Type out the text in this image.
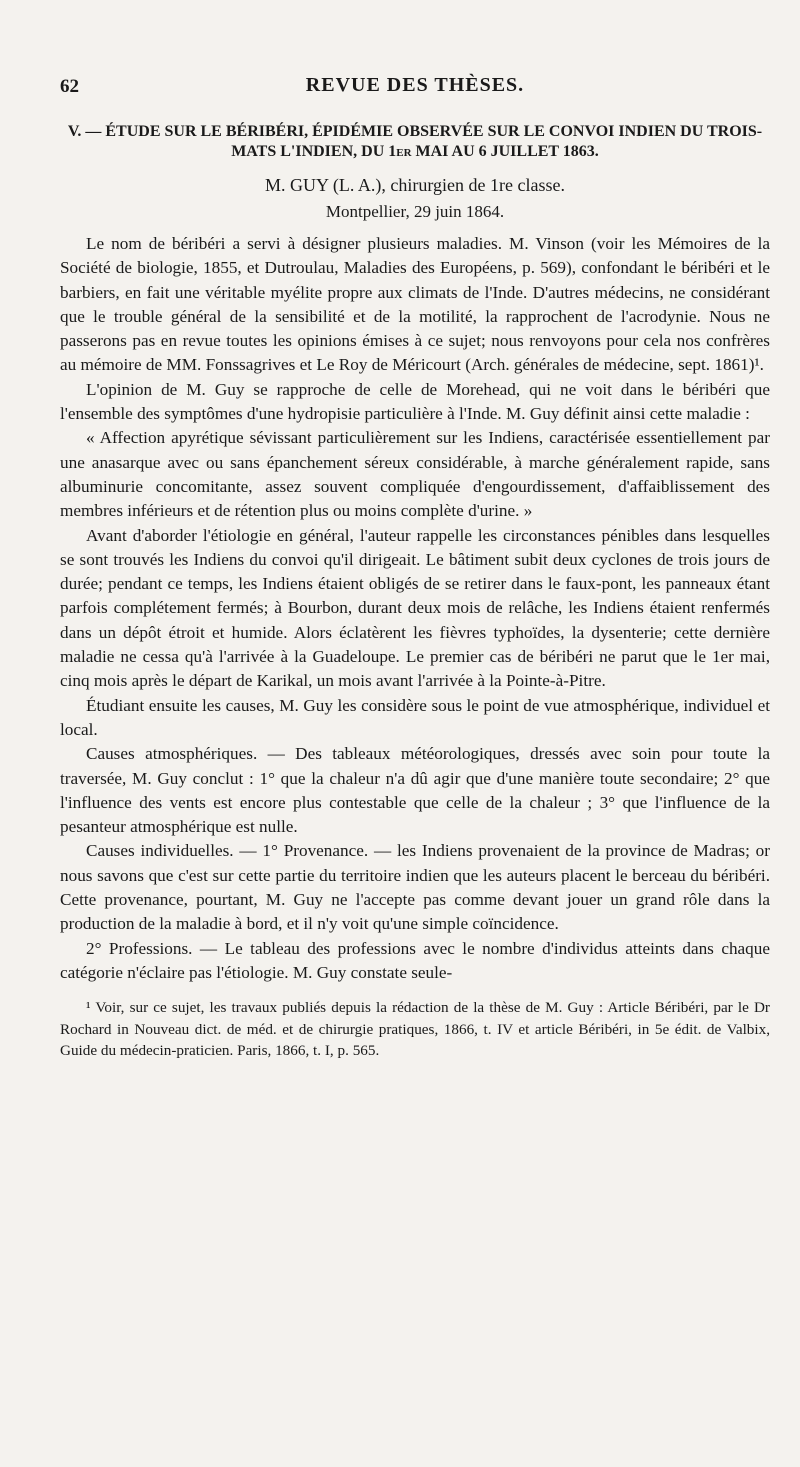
62	REVUE DES THÈSES.
V. — ÉTUDE SUR LE BÉRIBÉRI, ÉPIDÉMIE OBSERVÉE SUR LE CONVOI INDIEN DU TROIS-MATS L'INDIEN, DU 1er MAI AU 6 JUILLET 1863.
M. GUY (L. A.), chirurgien de 1re classe.
Montpellier, 29 juin 1864.

Le nom de béribéri a servi à désigner plusieurs maladies. M. Vinson (voir les Mémoires de la Société de biologie, 1855, et Dutroulau, Maladies des Européens, p. 569), confondant le béribéri et le barbiers, en fait une véritable myélite propre aux climats de l'Inde. D'autres médecins, ne considérant que le trouble général de la sensibilité et de la motilité, la rapprochent de l'acrodynie. Nous ne passerons pas en revue toutes les opinions émises à ce sujet; nous renvoyons pour cela nos confrères au mémoire de MM. Fonssagrives et Le Roy de Méricourt (Arch. générales de médecine, sept. 1861)¹.

L'opinion de M. Guy se rapproche de celle de Morehead, qui ne voit dans le béribéri que l'ensemble des symptômes d'une hydropisie particulière à l'Inde. M. Guy définit ainsi cette maladie :

« Affection apyrétique sévissant particulièrement sur les Indiens, caractérisée essentiellement par une anasarque avec ou sans épanchement séreux considérable, à marche généralement rapide, sans albuminurie concomitante, assez souvent compliquée d'engourdissement, d'affaiblissement des membres inférieurs et de rétention plus ou moins complète d'urine. »

Avant d'aborder l'étiologie en général, l'auteur rappelle les circonstances pénibles dans lesquelles se sont trouvés les Indiens du convoi qu'il dirigeait. Le bâtiment subit deux cyclones de trois jours de durée; pendant ce temps, les Indiens étaient obligés de se retirer dans le faux-pont, les panneaux étant parfois complétement fermés; à Bourbon, durant deux mois de relâche, les Indiens étaient renfermés dans un dépôt étroit et humide. Alors éclatèrent les fièvres typhoïdes, la dysenterie; cette dernière maladie ne cessa qu'à l'arrivée à la Guadeloupe. Le premier cas de béribéri ne parut que le 1er mai, cinq mois après le départ de Karikal, un mois avant l'arrivée à la Pointe-à-Pitre.

Étudiant ensuite les causes, M. Guy les considère sous le point de vue atmosphérique, individuel et local.

Causes atmosphériques. — Des tableaux météorologiques, dressés avec soin pour toute la traversée, M. Guy conclut : 1° que la chaleur n'a dû agir que d'une manière toute secondaire; 2° que l'influence des vents est encore plus contestable que celle de la chaleur ; 3° que l'influence de la pesanteur atmosphérique est nulle.

Causes individuelles. — 1° Provenance. — les Indiens provenaient de la province de Madras; or nous savons que c'est sur cette partie du territoire indien que les auteurs placent le berceau du béribéri. Cette provenance, pourtant, M. Guy ne l'accepte pas comme devant jouer un grand rôle dans la production de la maladie à bord, et il n'y voit qu'une simple coïncidence.

2° Professions. — Le tableau des professions avec le nombre d'individus atteints dans chaque catégorie n'éclaire pas l'étiologie. M. Guy constate seule-

¹ Voir, sur ce sujet, les travaux publiés depuis la rédaction de la thèse de M. Guy : Article Béribéri, par le Dr Rochard in Nouveau dict. de méd. et de chirurgie pratiques, 1866, t. IV et article Béribéri, in 5e édit. de Valbix, Guide du médecin-praticien. Paris, 1866, t. I, p. 565.
